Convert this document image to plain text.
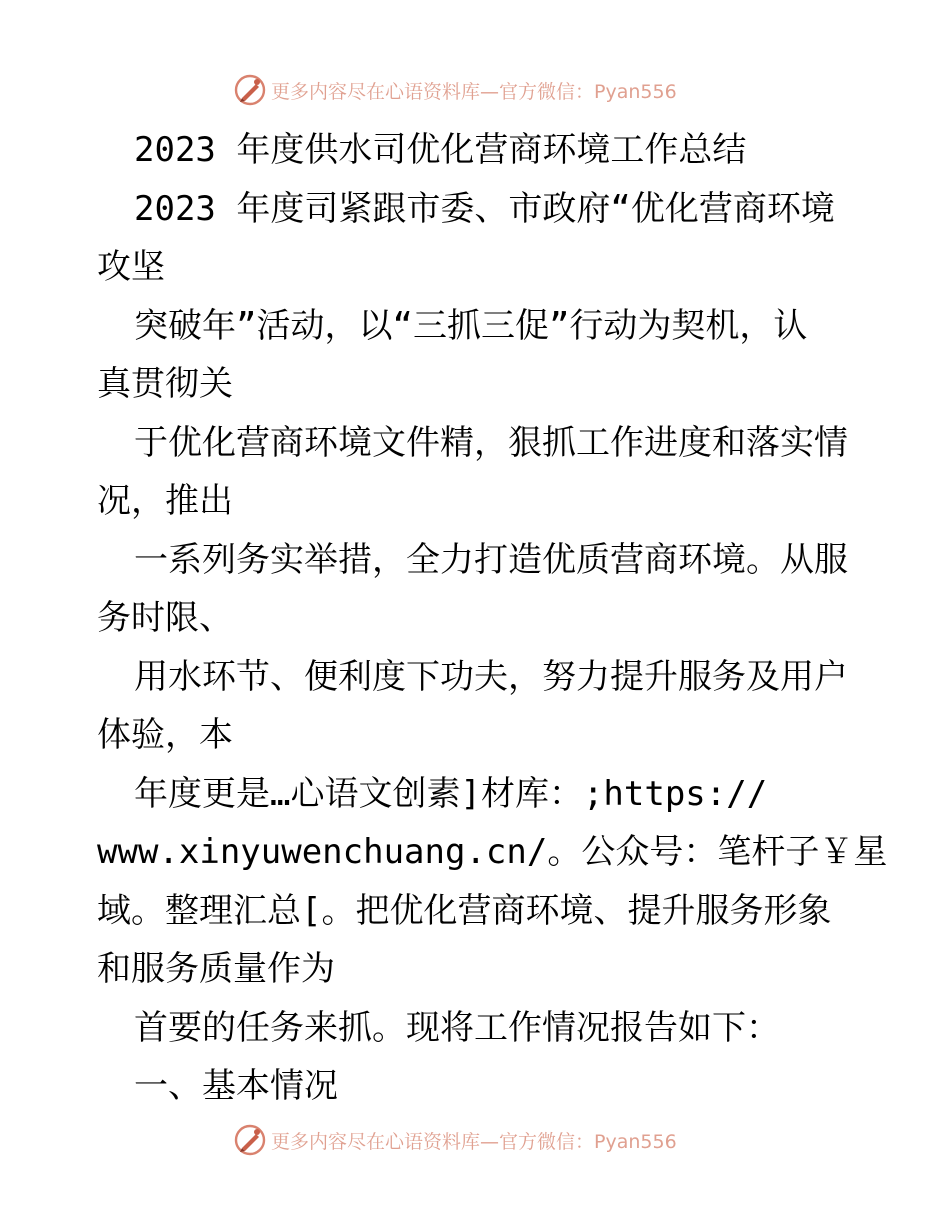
更多内容尽在心语资料库—官方微信：Pyan556
2023 年度供水司优化营商环境工作总结
2023 年度司紧跟市委、市政府“优化营商环境
攻坚
突破年”活动，以“三抓三促”行动为契机，认
真贯彻关
于优化营商环境文件精，狠抓工作进度和落实情
况，推出
一系列务实举措，全力打造优质营商环境。从服
务时限、
用水环节、便利度下功夫，努力提升服务及用户
体验，本
年度更是…心语文创素]材库：;https://
www.xinyuwenchuang.cn/。公众号：笔杆子￥星
域。整理汇总[。把优化营商环境、提升服务形象
和服务质量作为
首要的任务来抓。现将工作情况报告如下：
一、基本情况
更多内容尽在心语资料库—官方微信：Pyan556
